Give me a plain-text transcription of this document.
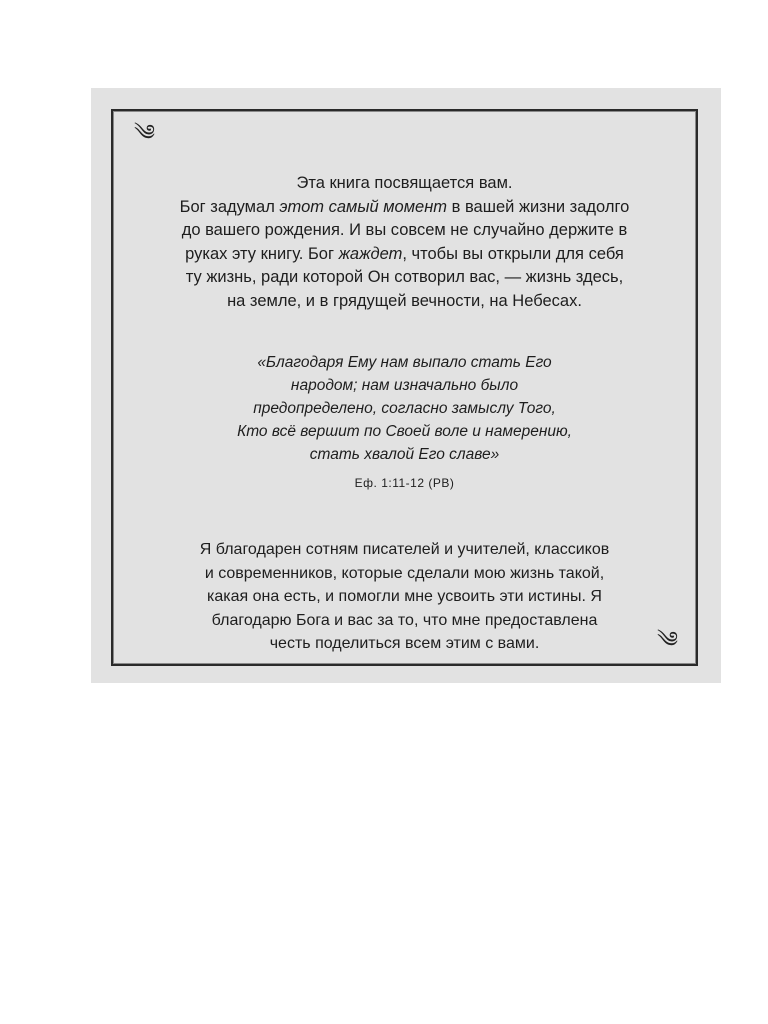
༄
༄
Эта книга посвящается вам.
Бог задумал этот самый момент в вашей жизни задолго
до вашего рождения. И вы совсем не случайно держите в
руках эту книгу. Бог жаждет, чтобы вы открыли для себя
ту жизнь, ради которой Он сотворил вас, — жизнь здесь,
на земле, и в грядущей вечности, на Небесах.
«Благодаря Ему нам выпало стать Его
народом; нам изначально было
предопределено, согласно замыслу Того,
Кто всё вершит по Своей воле и намерению,
стать хвалой Его славе»
Еф. 1:11-12 (РВ)
Я благодарен сотням писателей и учителей, классиков
и современников, которые сделали мою жизнь такой,
какая она есть, и помогли мне усвоить эти истины. Я
благодарю Бога и вас за то, что мне предоставлена
честь поделиться всем этим с вами.
